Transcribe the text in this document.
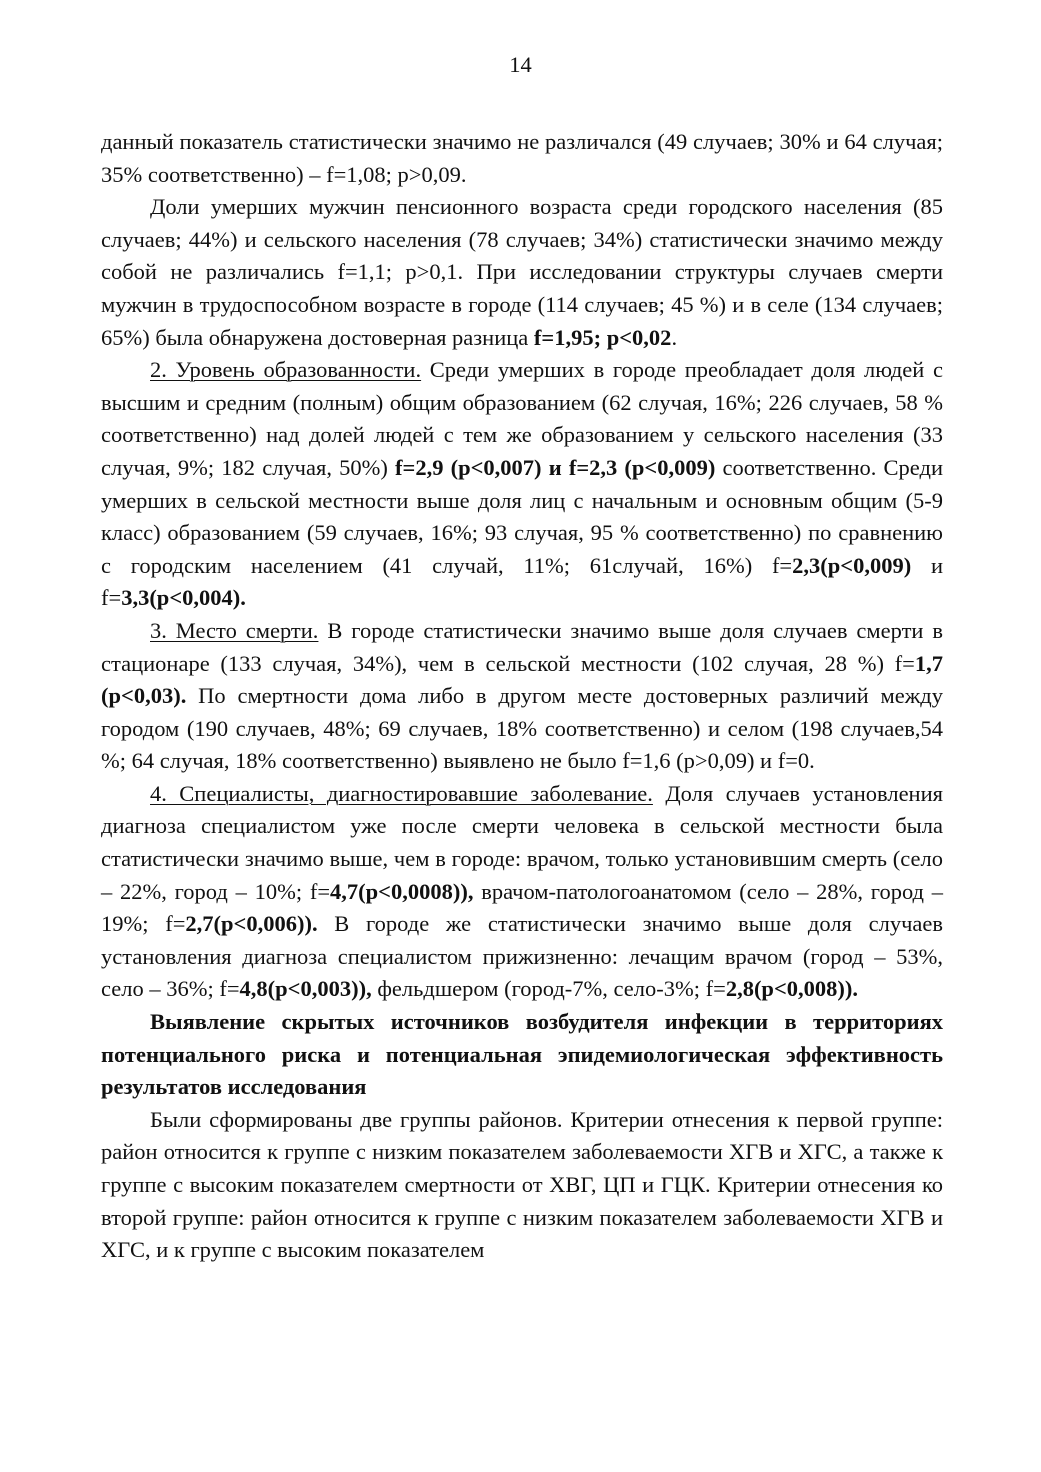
14

данный показатель статистически значимо не различался (49 случаев; 30% и 64 случая; 35% соответственно) – f=1,08; p>0,09.

Доли умерших мужчин пенсионного возраста среди городского населения (85 случаев; 44%) и сельского населения (78 случаев; 34%) статистически значимо между собой не различались f=1,1; p>0,1. При исследовании структуры случаев смерти мужчин в трудоспособном возрасте в городе (114 случаев; 45 %) и в селе (134 случаев; 65%) была обнаружена достоверная разница f=1,95; p<0,02.

2. Уровень образованности. Среди умерших в городе преобладает доля людей с высшим и средним (полным) общим образованием (62 случая, 16%; 226 случаев, 58 % соответственно) над долей людей с тем же образованием у сельского населения (33 случая, 9%; 182 случая, 50%) f=2,9 (p<0,007) и f=2,3 (p<0,009) соответственно. Среди умерших в сельской местности выше доля лиц с начальным и основным общим (5-9 класс) образованием (59 случаев, 16%; 93 случая, 95 % соответственно) по сравнению с городским населением (41 случай, 11%; 61случай, 16%) f=2,3(p<0,009) и f=3,3(p<0,004).

3. Место смерти. В городе статистически значимо выше доля случаев смерти в стационаре (133 случая, 34%), чем в сельской местности (102 случая, 28 %) f=1,7 (p<0,03). По смертности дома либо в другом месте достоверных различий между городом (190 случаев, 48%; 69 случаев, 18% соответственно) и селом (198 случаев,54 %; 64 случая, 18% соответственно) выявлено не было f=1,6 (p>0,09) и f=0.

4. Специалисты, диагностировавшие заболевание. Доля случаев установления диагноза специалистом уже после смерти человека в сельской местности была статистически значимо выше, чем в городе: врачом, только установившим смерть (село – 22%, город – 10%; f=4,7(p<0,0008)), врачом-патологоанатомом (село – 28%, город – 19%; f=2,7(p<0,006)). В городе же статистически значимо выше доля случаев установления диагноза специалистом прижизненно: лечащим врачом (город – 53%, село – 36%; f=4,8(p<0,003)), фельдшером (город-7%, село-3%; f=2,8(p<0,008)).

Выявление скрытых источников возбудителя инфекции в территориях потенциального риска и потенциальная эпидемиологическая эффективность результатов исследования

Были сформированы две группы районов. Критерии отнесения к первой группе: район относится к группе с низким показателем заболеваемости ХГВ и ХГС, а также к группе с высоким показателем смертности от ХВГ, ЦП и ГЦК. Критерии отнесения ко второй группе: район относится к группе с низким показателем заболеваемости ХГВ и ХГС, и к группе с высоким показателем
